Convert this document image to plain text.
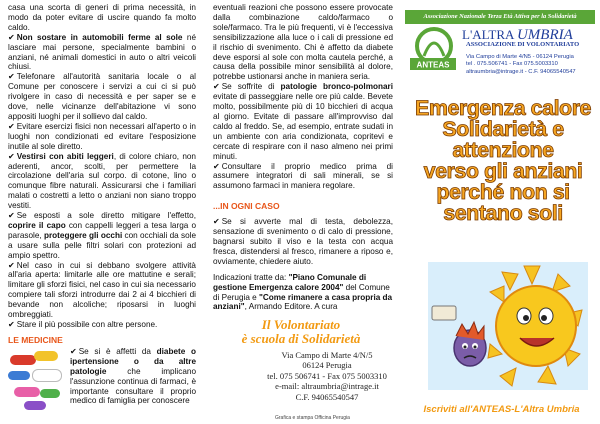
casa una scorta di generi di prima necessità, in modo da poter evitare di uscire quando fa molto caldo.

✔ Non sostare in automobili ferme al sole né lasciare mai persone, specialmente bambini o anziani, né animali domestici in auto o altri veicoli chiusi.

✔ Telefonare all'autorità sanitaria locale o al Comune per conoscere i servizi a cui ci si può rivolgere in caso di necessità e per saper se e dove, nelle vicinanze dell'abitazione vi sono appositi luoghi per il sollievo dal caldo.

✔ Evitare esercizi fisici non necessari all'aperto o in luoghi non condizionati ed evitare l'esposizione inutile al sole diretto.

✔ Vestirsi con abiti leggeri, di colore chiaro, non aderenti, ancor, scolti, per permettere la circolazione dell'aria sul corpo. di cotone, lino o comunque fibre naturali. Assicurarsi che i familiari malati o costretti a letto o anziani non siano troppo vestiti.

✔ Se esposti a sole diretto mitigare l'effetto, coprire il capo con cappelli leggeri a tesa larga o parasole, proteggere gli occhi con occhiali da sole a usare sulla pelle filtri solari con protezioni ad ampio spettro.

✔ Nel caso in cui si debbano svolgere attività all'aria aperta: limitarle alle ore mattutine e serali; limitare gli sforzi fisici, nel caso in cui sia necessario compiere tali sforzi introdurre dai 2 ai 4 bicchieri di bevande non alcoliche; riposarsi in luoghi ombreggiati.

✔ Stare il più possibile con altre persone.

LE MEDICINE

✔ Se si è affetti da diabete o ipertensione o da altre patologie che implicano l'assunzione continua di farmaci, è importante consultare il proprio medico di famiglia per conoscere

eventuali reazioni che possono essere provocate dalla combinazione caldo/farmaco o sole/farmaco. Tra le più frequenti, vi è l'eccessiva sensibilizzazione alla luce o i cali di pressione ed il rischio di svenimento. Chi è affetto da diabete deve esporsi al sole con molta cautela perché, a causa della possibile minor sensibilità al dolore, potrebbe ustionarsi anche in maniera seria.

✔ Se soffrite di patologie bronco-polmonari evitate di passeggiare nelle ore più calde. Bevete molto, possibilmente più di 10 bicchieri di acqua al giorno. Evitate di passare all'improvviso dal caldo al freddo. Se, ad esempio, entrate sudati in un ambiente con aria condizionata, copritevi e cercate di respirare con il naso almeno nei primi minuti.

✔ Consultare il proprio medico prima di assumere integratori di sali minerali, se si assumono farmaci in maniera regolare.

...IN OGNI CASO

✔ Se si avverte mal di testa, debolezza, sensazione di svenimento o di calo di pressione, bagnarsi subito il viso e la testa con acqua fresca, distendersi al fresco, rimanere a riposo e, ovviamente, chiedere aiuto.

Indicazioni tratte da: "Piano Comunale di gestione Emergenza calore 2004" del Comune di Perugia e "Come rimanere a casa propria da anziani", Armando Editore. A cura

Il Volontariato
è scuola di Solidarietà
Via Campo di Marte 4/N/5
06124 Perugia
tel. 075 506741 - Fax 075 5003310
e-mail: altraumbria@intrage.it
C.F. 94065540547
Grafica e stampa Officina Perugia
Associazione Nazionale Terza Età Attiva per la Solidarietà
ANTEAS
L'ALTRA UMBRIA
ASSOCIAZIONE DI VOLONTARIATO
Via Campo di Marte 4/N5 - 06124 Perugia
tel . 075.506741 - Fax 075.5003310
altraumbria@intrage.it - C.F. 94065540547
Emergenza calore
Solidarietà e
attenzione
verso gli anziani
perché non si
sentano soli
Iscriviti all'ANTEAS-L'Altra Umbria
